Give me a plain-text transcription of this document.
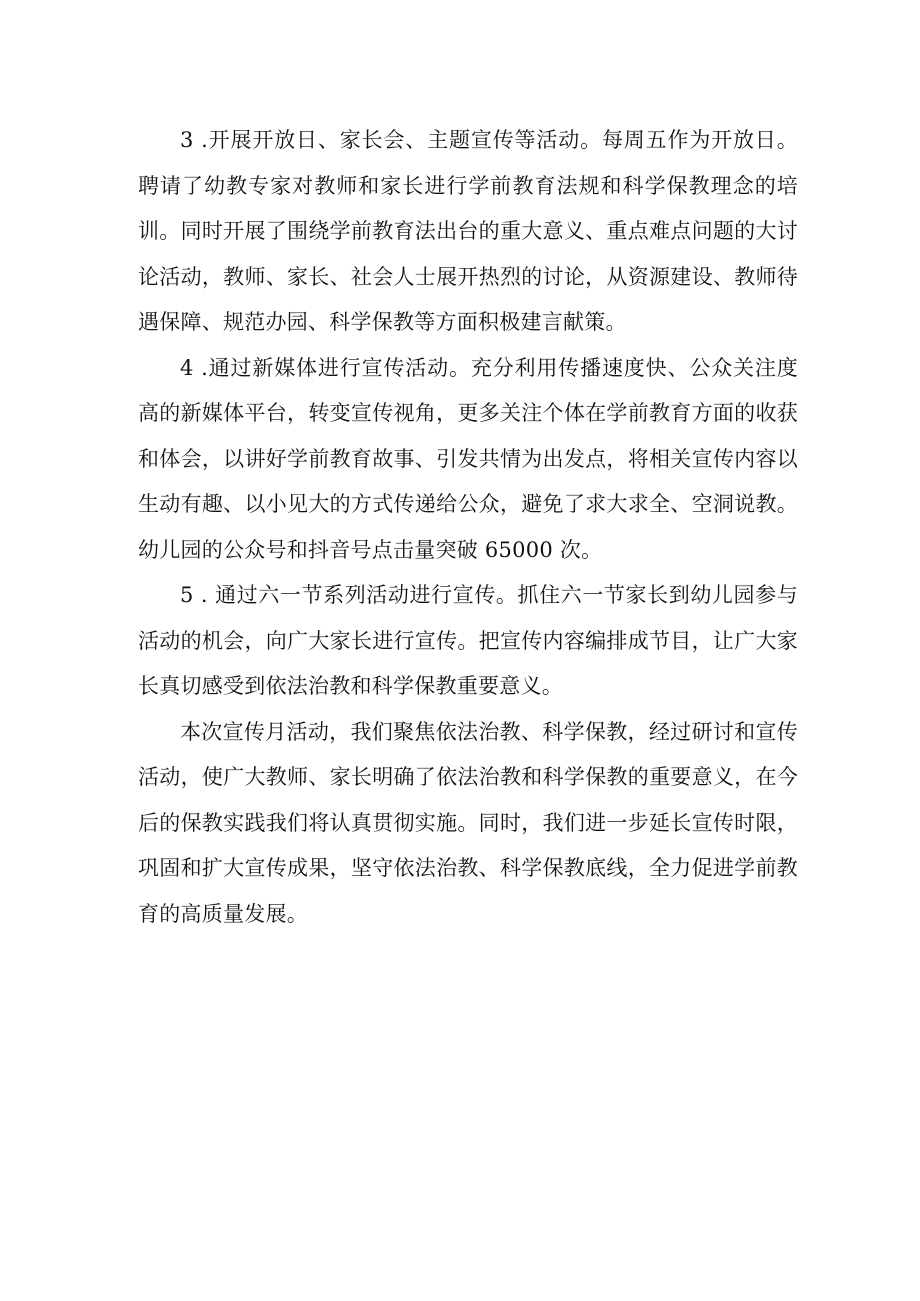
3 .开展开放日、家长会、主题宣传等活动。每周五作为开放日。聘请了幼教专家对教师和家长进行学前教育法规和科学保教理念的培训。同时开展了围绕学前教育法出台的重大意义、重点难点问题的大讨论活动，教师、家长、社会人士展开热烈的讨论，从资源建设、教师待遇保障、规范办园、科学保教等方面积极建言献策。

4 .通过新媒体进行宣传活动。充分利用传播速度快、公众关注度高的新媒体平台，转变宣传视角，更多关注个体在学前教育方面的收获和体会，以讲好学前教育故事、引发共情为出发点，将相关宣传内容以生动有趣、以小见大的方式传递给公众，避免了求大求全、空洞说教。幼儿园的公众号和抖音号点击量突破 65000 次。

5 . 通过六一节系列活动进行宣传。抓住六一节家长到幼儿园参与活动的机会，向广大家长进行宣传。把宣传内容编排成节目，让广大家长真切感受到依法治教和科学保教重要意义。

本次宣传月活动，我们聚焦依法治教、科学保教，经过研讨和宣传活动，使广大教师、家长明确了依法治教和科学保教的重要意义，在今后的保教实践我们将认真贯彻实施。同时，我们进一步延长宣传时限，巩固和扩大宣传成果，坚守依法治教、科学保教底线，全力促进学前教育的高质量发展。
